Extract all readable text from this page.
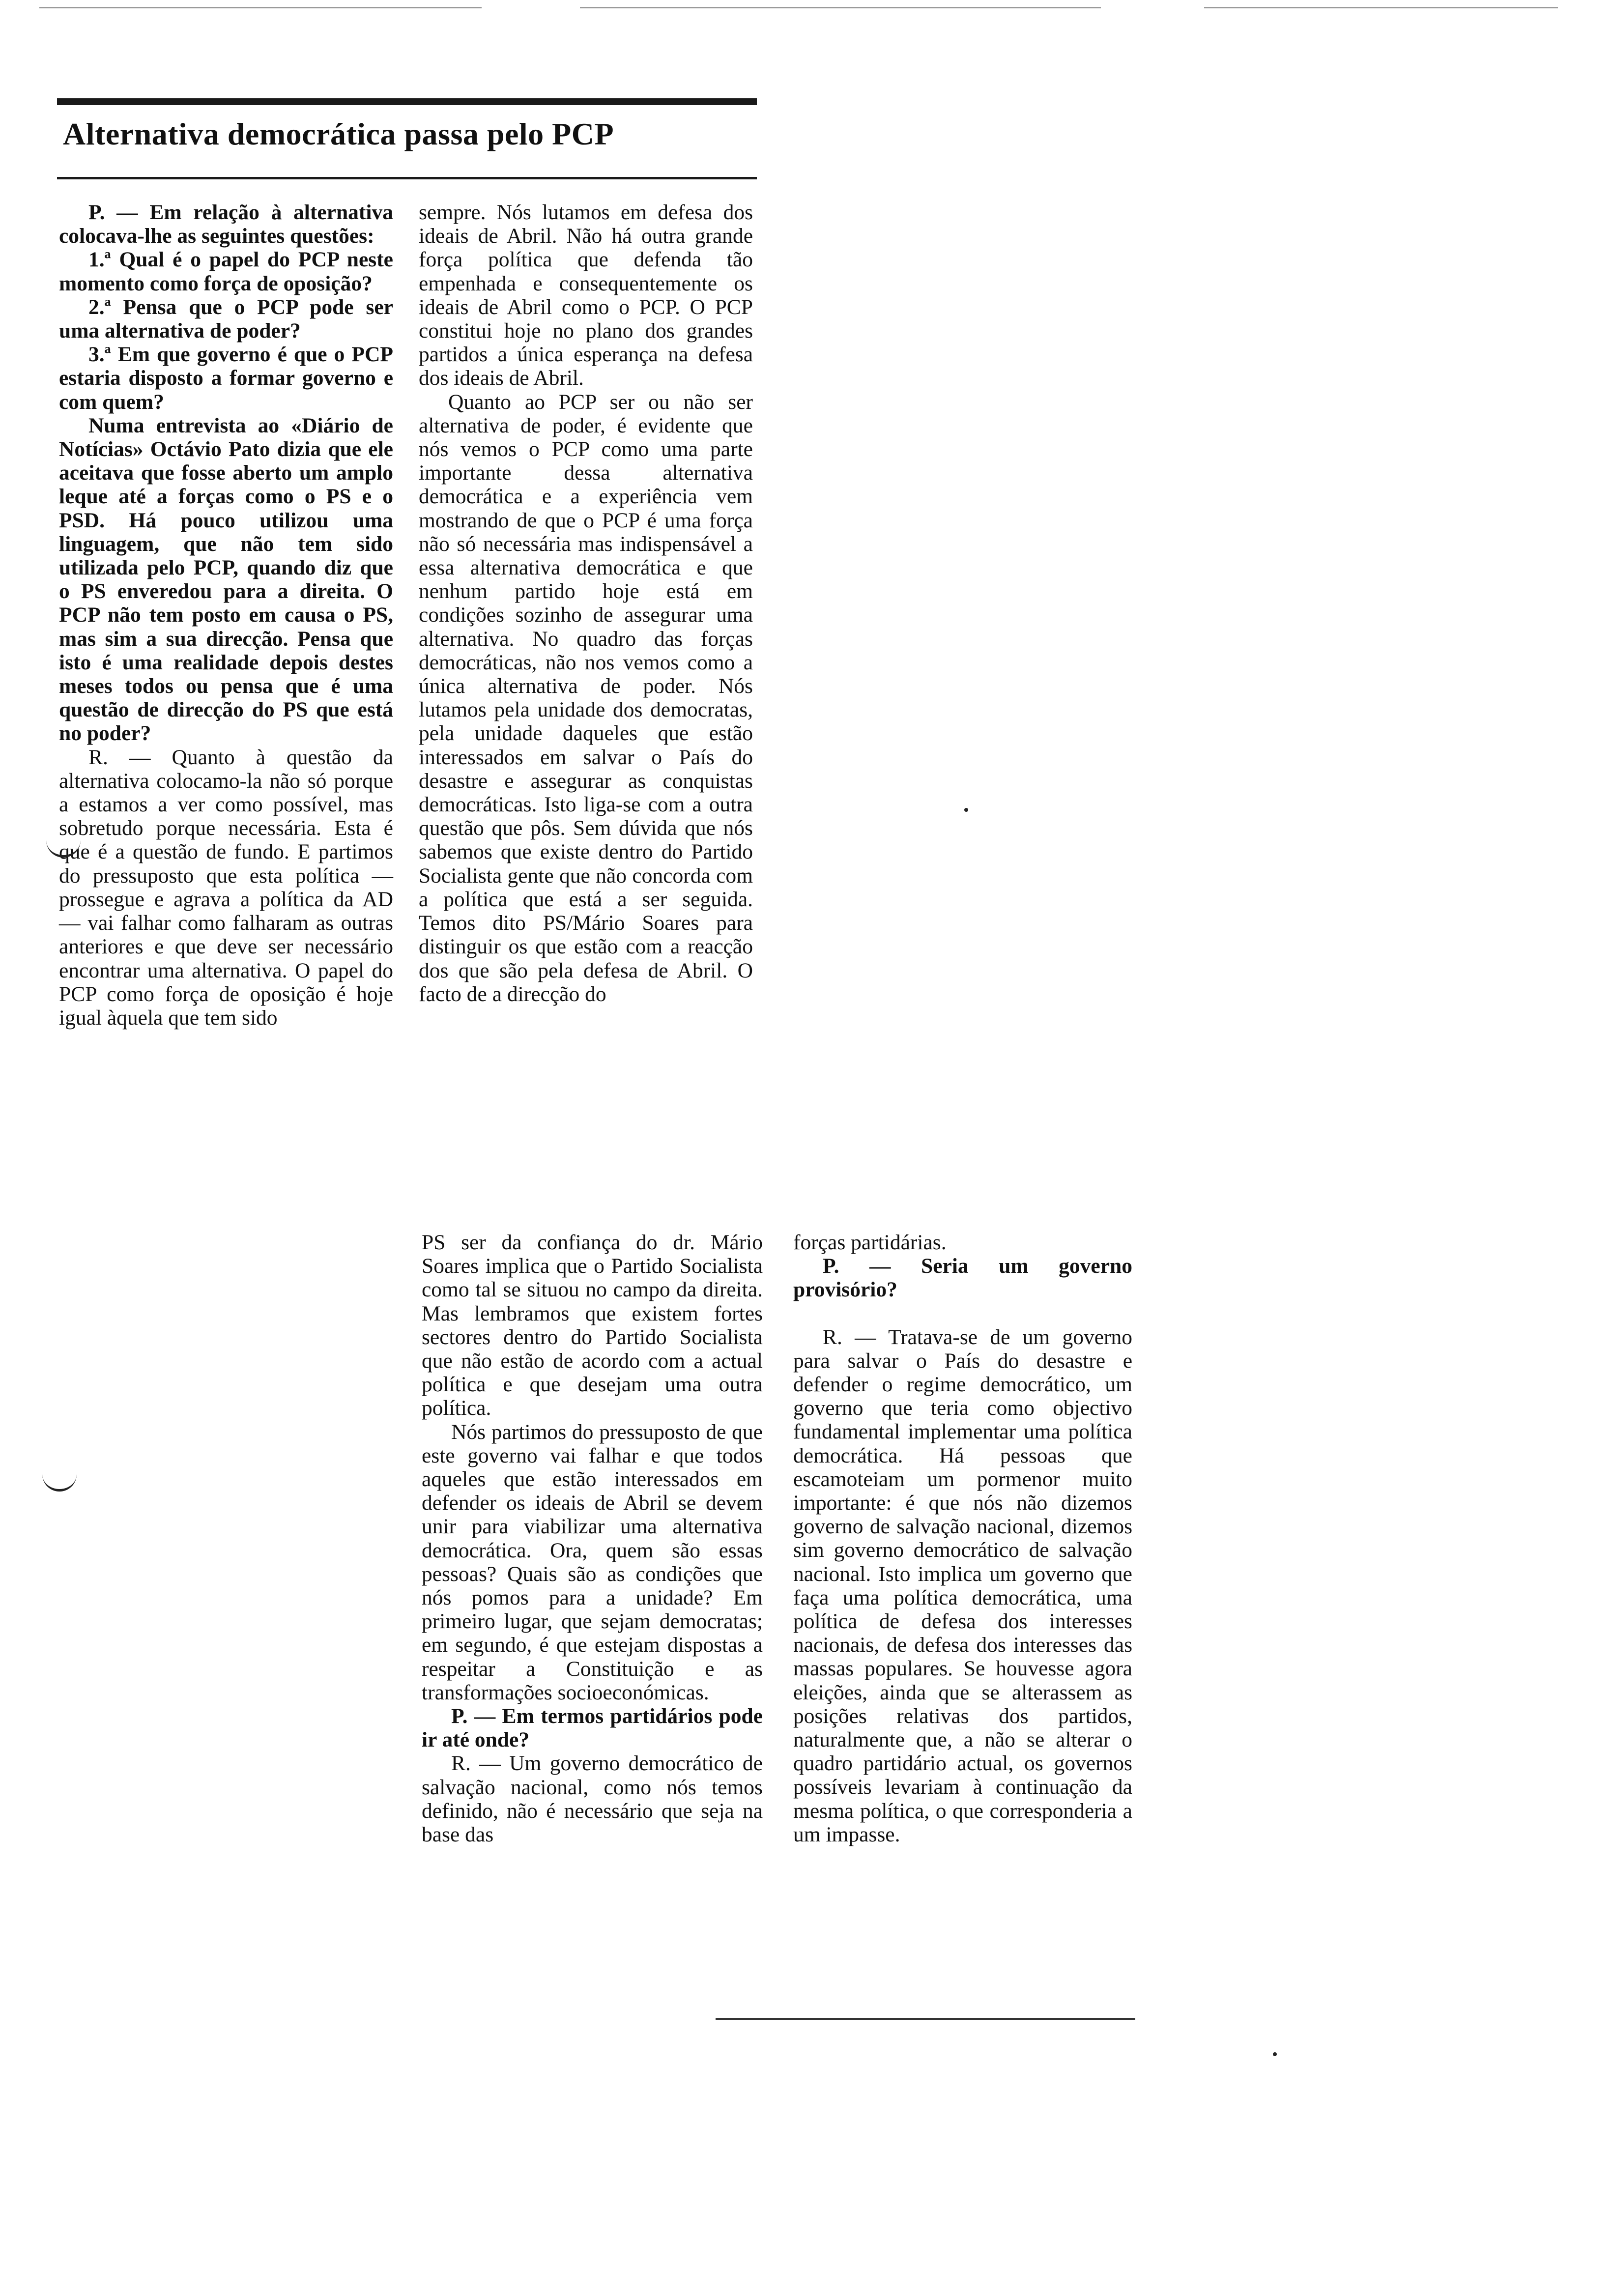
Alternativa democrática passa pelo PCP

P. — Em relação à alternativa colocava-lhe as seguintes questões:

1.ª Qual é o papel do PCP neste momento como força de oposição?

2.ª Pensa que o PCP pode ser uma alternativa de poder?

3.ª Em que governo é que o PCP estaria disposto a formar governo e com quem?

Numa entrevista ao «Diário de Notícias» Octávio Pato dizia que ele aceitava que fosse aberto um amplo leque até a forças como o PS e o PSD. Há pouco utilizou uma linguagem, que não tem sido utilizada pelo PCP, quando diz que o PS enveredou para a direita. O PCP não tem posto em causa o PS, mas sim a sua direcção. Pensa que isto é uma realidade depois destes meses todos ou pensa que é uma questão de direcção do PS que está no poder?

R. — Quanto à questão da alternativa colocamo-la não só porque a estamos a ver como possível, mas sobretudo porque necessária. Esta é que é a questão de fundo. E partimos do pressuposto que esta política — prossegue e agrava a política da AD — vai falhar como falharam as outras anteriores e que deve ser necessário encontrar uma alternativa. O papel do PCP como força de oposição é hoje igual àquela que tem sido

sempre. Nós lutamos em defesa dos ideais de Abril. Não há outra grande força política que defenda tão empenhada e consequentemente os ideais de Abril como o PCP. O PCP constitui hoje no plano dos grandes partidos a única esperança na defesa dos ideais de Abril.

Quanto ao PCP ser ou não ser alternativa de poder, é evidente que nós vemos o PCP como uma parte importante dessa alternativa democrática e a experiência vem mostrando de que o PCP é uma força não só necessária mas indispensável a essa alternativa democrática e que nenhum partido hoje está em condições sozinho de assegurar uma alternativa. No quadro das forças democráticas, não nos vemos como a única alternativa de poder. Nós lutamos pela unidade dos democratas, pela unidade daqueles que estão interessados em salvar o País do desastre e assegurar as conquistas democráticas. Isto liga-se com a outra questão que pôs. Sem dúvida que nós sabemos que existe dentro do Partido Socialista gente que não concorda com a política que está a ser seguida. Temos dito PS/Mário Soares para distinguir os que estão com a reacção dos que são pela defesa de Abril. O facto de a direcção do

PS ser da confiança do dr. Mário Soares implica que o Partido Socialista como tal se situou no campo da direita. Mas lembramos que existem fortes sectores dentro do Partido Socialista que não estão de acordo com a actual política e que desejam uma outra política.

Nós partimos do pressuposto de que este governo vai falhar e que todos aqueles que estão interessados em defender os ideais de Abril se devem unir para viabilizar uma alternativa democrática. Ora, quem são essas pessoas? Quais são as condições que nós pomos para a unidade? Em primeiro lugar, que sejam democratas; em segundo, é que estejam dispostas a respeitar a Constituição e as transformações socioeconómicas.

P. — Em termos partidários pode ir até onde?

R. — Um governo democrático de salvação nacional, como nós temos definido, não é necessário que seja na base das

forças partidárias.

P. — Seria um governo provisório?

R. — Tratava-se de um governo para salvar o País do desastre e defender o regime democrático, um governo que teria como objectivo fundamental implementar uma política democrática. Há pessoas que escamoteiam um pormenor muito importante: é que nós não dizemos governo de salvação nacional, dizemos sim governo democrático de salvação nacional. Isto implica um governo que faça uma política democrática, uma política de defesa dos interesses nacionais, de defesa dos interesses das massas populares. Se houvesse agora eleições, ainda que se alterassem as posições relativas dos partidos, naturalmente que, a não se alterar o quadro partidário actual, os governos possíveis levariam à continuação da mesma política, o que corresponderia a um impasse.
